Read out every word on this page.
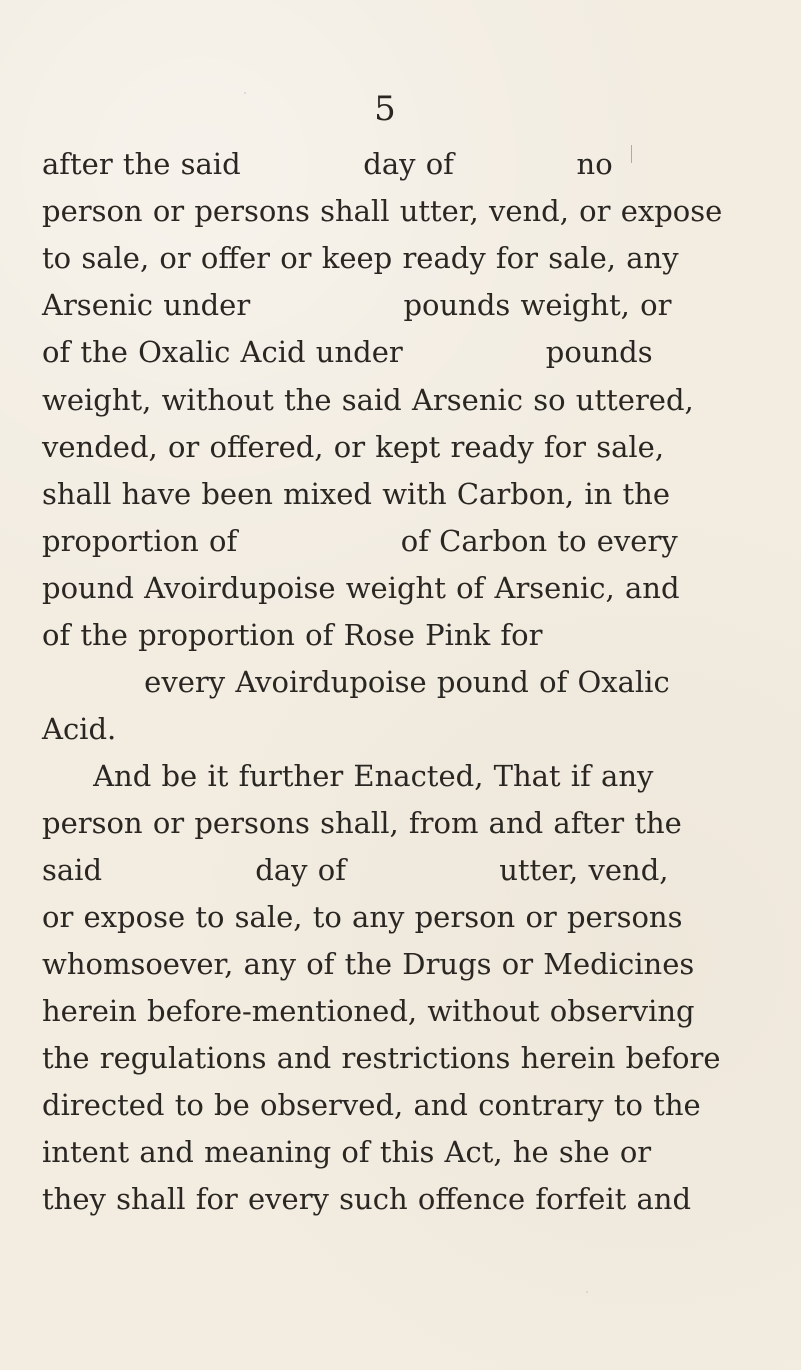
5
after the said            day of            no
person or persons shall utter, vend, or expose
to sale, or offer or keep ready for sale, any
Arsenic under               pounds weight, or
of the Oxalic Acid under              pounds
weight, without the said Arsenic so uttered,
vended, or offered, or kept ready for sale,
shall have been mixed with Carbon, in the
proportion of                of Carbon to every
pound Avoirdupoise weight of Arsenic, and
of the proportion of Rose Pink for
every Avoirdupoise pound of Oxalic
Acid.
And be it further Enacted, That if any
person or persons shall, from and after the
said               day of               utter, vend,
or expose to sale, to any person or persons
whomsoever, any of the Drugs or Medicines
herein before-mentioned, without observing
the regulations and restrictions herein before
directed to be observed, and contrary to the
intent and meaning of this Act, he she or
they shall for every such offence forfeit and
